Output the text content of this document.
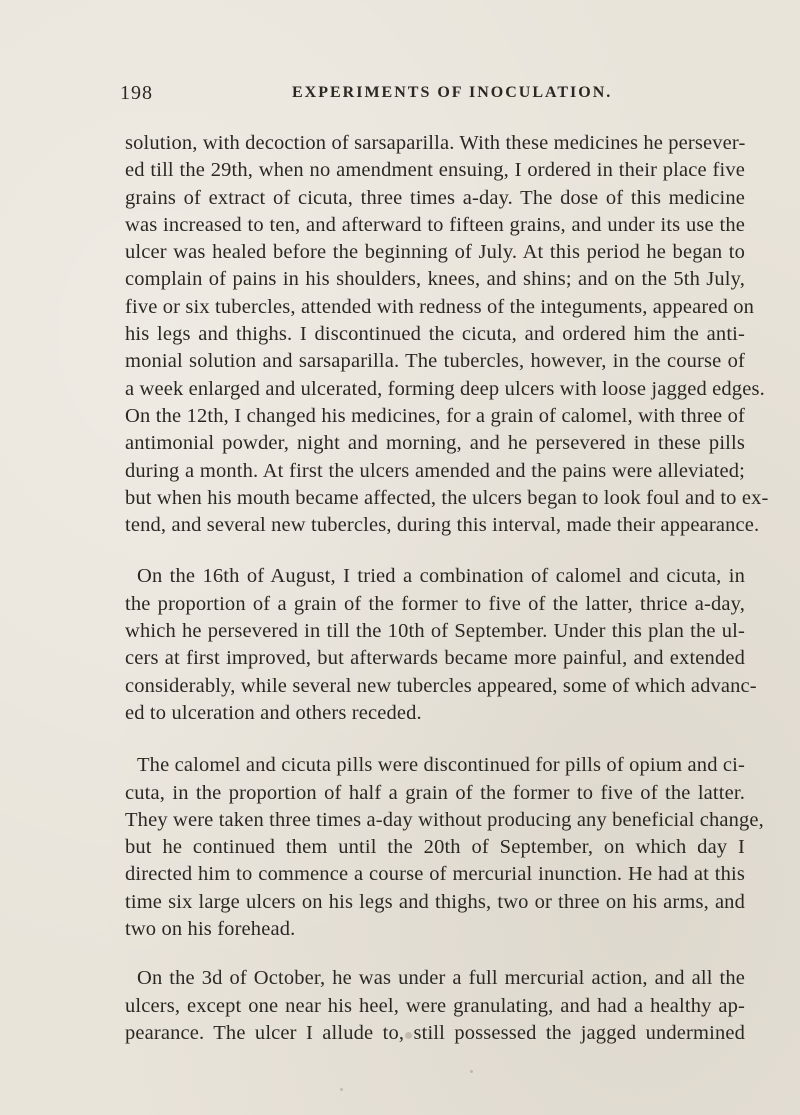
198	EXPERIMENTS OF INOCULATION.
solution, with decoction of sarsaparilla. With these medicines he persever-
ed till the 29th, when no amendment ensuing, I ordered in their place five
grains of extract of cicuta, three times a-day. The dose of this medicine
was increased to ten, and afterward to fifteen grains, and under its use the
ulcer was healed before the beginning of July. At this period he began to
complain of pains in his shoulders, knees, and shins; and on the 5th July,
five or six tubercles, attended with redness of the integuments, appeared on
his legs and thighs. I discontinued the cicuta, and ordered him the anti-
monial solution and sarsaparilla. The tubercles, however, in the course of
a week enlarged and ulcerated, forming deep ulcers with loose jagged edges.
On the 12th, I changed his medicines, for a grain of calomel, with three of
antimonial powder, night and morning, and he persevered in these pills
during a month. At first the ulcers amended and the pains were alleviated;
but when his mouth became affected, the ulcers began to look foul and to ex-
tend, and several new tubercles, during this interval, made their appearance.
On the 16th of August, I tried a combination of calomel and cicuta, in
the proportion of a grain of the former to five of the latter, thrice a-day,
which he persevered in till the 10th of September. Under this plan the ul-
cers at first improved, but afterwards became more painful, and extended
considerably, while several new tubercles appeared, some of which advanc-
ed to ulceration and others receded.
The calomel and cicuta pills were discontinued for pills of opium and ci-
cuta, in the proportion of half a grain of the former to five of the latter.
They were taken three times a-day without producing any beneficial change,
but he continued them until the 20th of September, on which day I
directed him to commence a course of mercurial inunction. He had at this
time six large ulcers on his legs and thighs, two or three on his arms, and
two on his forehead.
On the 3d of October, he was under a full mercurial action, and all the
ulcers, except one near his heel, were granulating, and had a healthy ap-
pearance. The ulcer I allude to, still possessed the jagged undermined
